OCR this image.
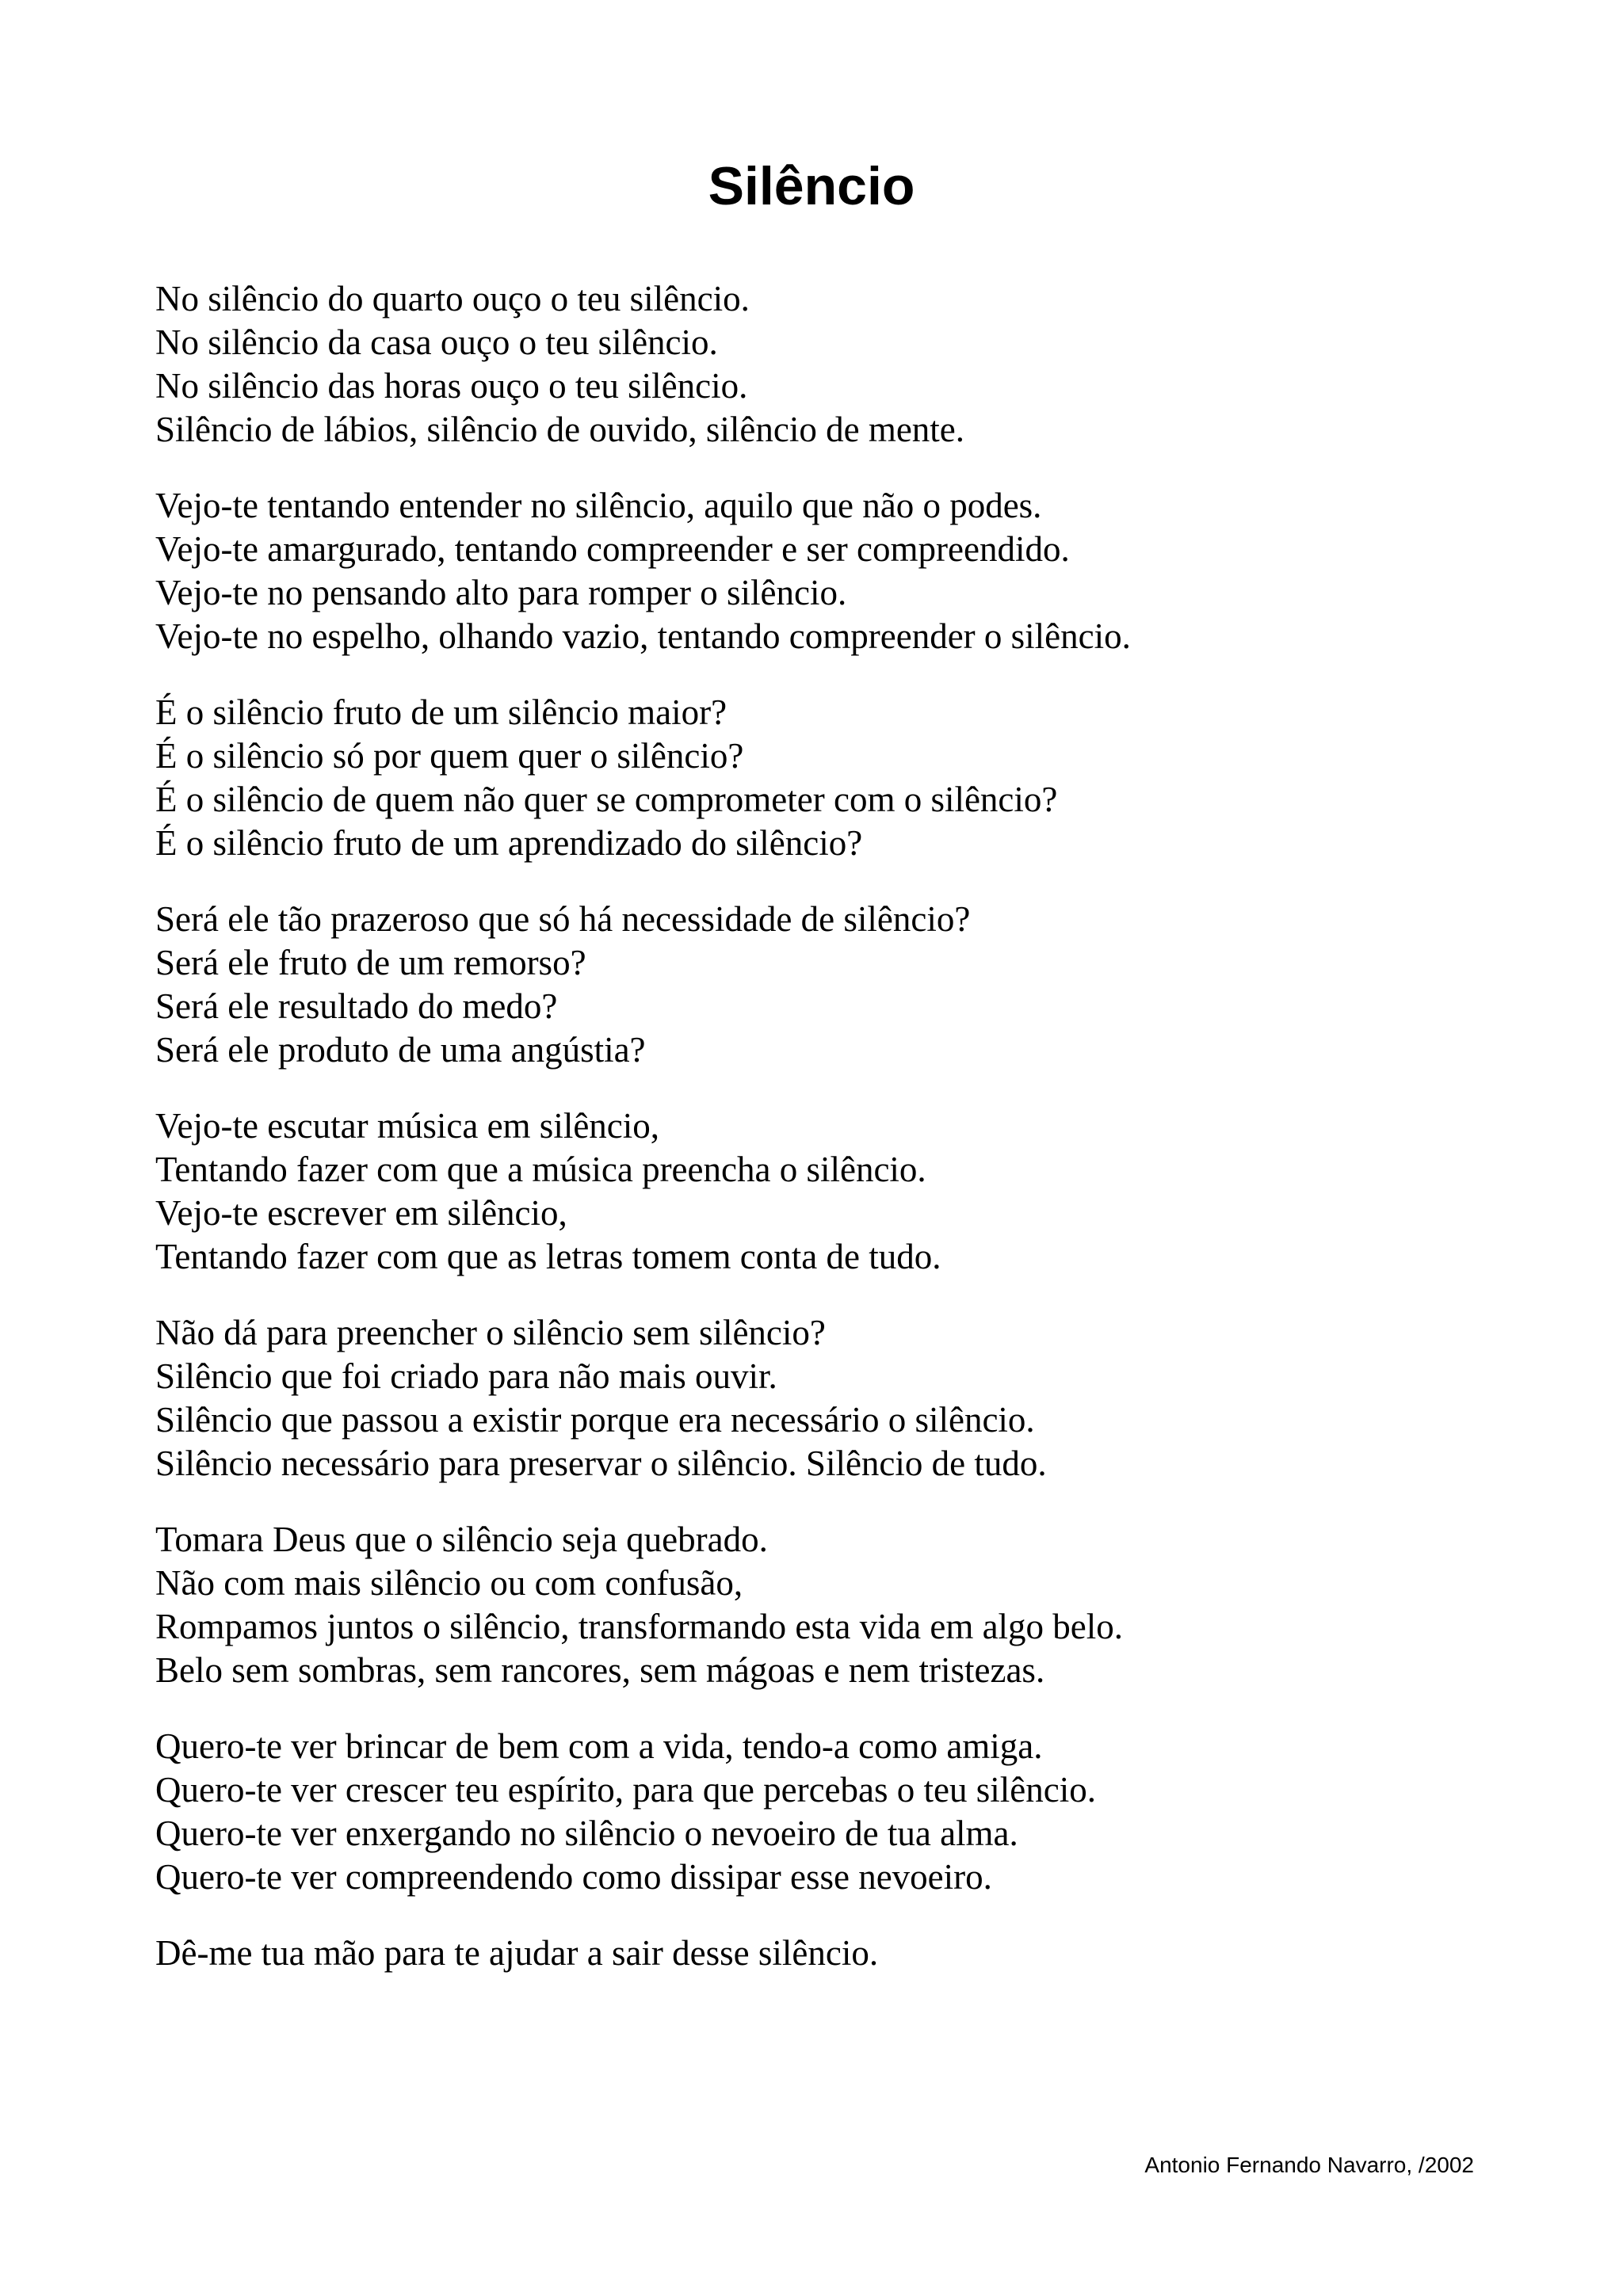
Silêncio
No silêncio do quarto ouço o teu silêncio.
No silêncio da casa ouço o teu silêncio.
No silêncio das horas ouço o teu silêncio.
Silêncio de lábios, silêncio de ouvido, silêncio de mente.
Vejo-te tentando entender no silêncio, aquilo que não o podes.
Vejo-te amargurado, tentando compreender e ser compreendido.
Vejo-te no pensando alto para romper o silêncio.
Vejo-te no espelho, olhando vazio, tentando compreender o silêncio.
É o silêncio fruto de um silêncio maior?
É o silêncio só por quem quer o silêncio?
É o silêncio de quem não quer se comprometer com o silêncio?
É o silêncio fruto de um aprendizado do silêncio?
Será ele tão prazeroso que só há necessidade de silêncio?
Será ele fruto de um remorso?
Será ele resultado do medo?
Será ele produto de uma angústia?
Vejo-te escutar música em silêncio,
Tentando fazer com que a música preencha o silêncio.
Vejo-te escrever em silêncio,
Tentando fazer com que as letras tomem conta de tudo.
Não dá para preencher o silêncio sem silêncio?
Silêncio que foi criado para não mais ouvir.
Silêncio que passou a existir porque era necessário o silêncio.
Silêncio necessário para preservar o silêncio. Silêncio de tudo.
Tomara Deus que o silêncio seja quebrado.
Não com mais silêncio ou com confusão,
Rompamos juntos o silêncio, transformando esta vida em algo belo.
Belo sem sombras, sem rancores, sem mágoas e nem tristezas.
Quero-te ver brincar de bem com a vida, tendo-a como amiga.
Quero-te ver crescer teu espírito, para que percebas o teu silêncio.
Quero-te ver enxergando no silêncio o nevoeiro de tua alma.
Quero-te ver compreendendo como dissipar esse nevoeiro.
Dê-me tua mão para te ajudar a sair desse silêncio.
Antonio Fernando Navarro, /2002
